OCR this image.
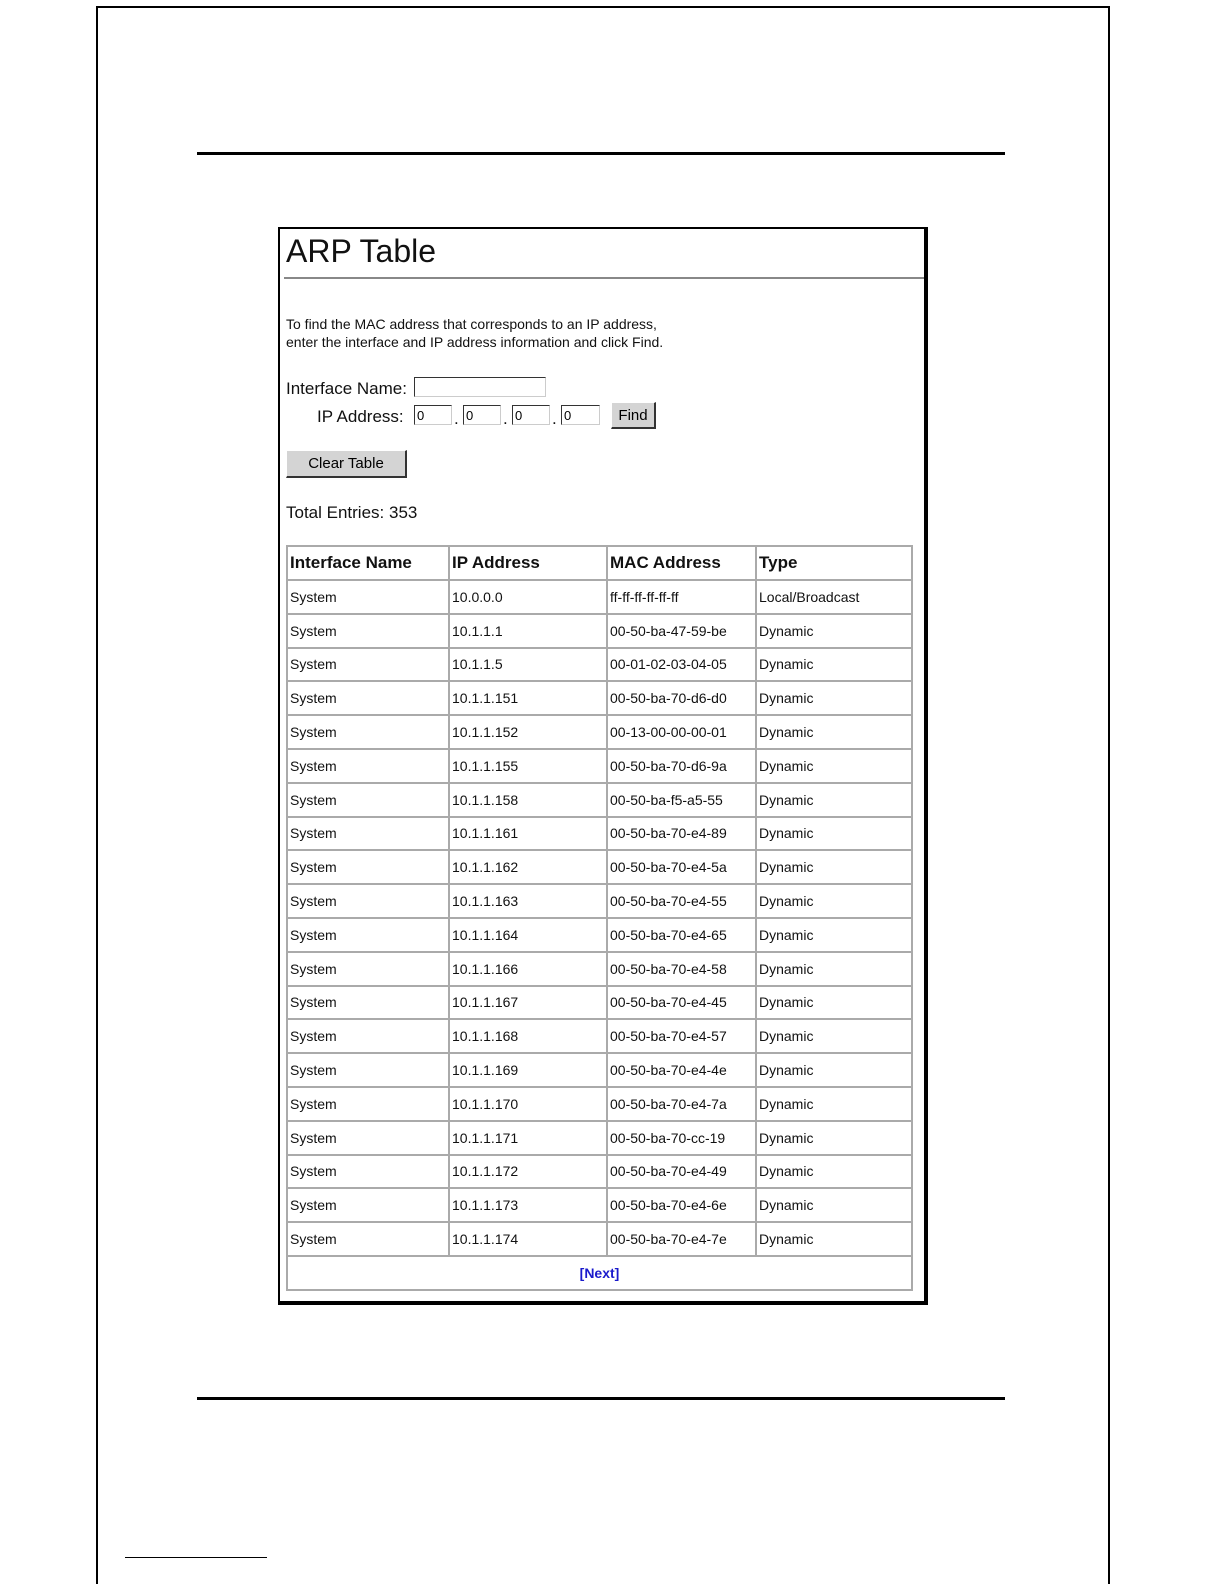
ARP Table
To find the MAC address that corresponds to an IP address,
enter the interface and IP address information and click Find.
Interface Name:
IP Address:
0	.
0	.
0	.
0	Find
Clear Table
Total Entries: 353
Interface Name	IP Address	MAC Address	Type
System	10.0.0.0	ff-ff-ff-ff-ff-ff	Local/Broadcast
System	10.1.1.1	00-50-ba-47-59-be	Dynamic
System	10.1.1.5	00-01-02-03-04-05	Dynamic
System	10.1.1.151	00-50-ba-70-d6-d0	Dynamic
System	10.1.1.152	00-13-00-00-00-01	Dynamic
System	10.1.1.155	00-50-ba-70-d6-9a	Dynamic
System	10.1.1.158	00-50-ba-f5-a5-55	Dynamic
System	10.1.1.161	00-50-ba-70-e4-89	Dynamic
System	10.1.1.162	00-50-ba-70-e4-5a	Dynamic
System	10.1.1.163	00-50-ba-70-e4-55	Dynamic
System	10.1.1.164	00-50-ba-70-e4-65	Dynamic
System	10.1.1.166	00-50-ba-70-e4-58	Dynamic
System	10.1.1.167	00-50-ba-70-e4-45	Dynamic
System	10.1.1.168	00-50-ba-70-e4-57	Dynamic
System	10.1.1.169	00-50-ba-70-e4-4e	Dynamic
System	10.1.1.170	00-50-ba-70-e4-7a	Dynamic
System	10.1.1.171	00-50-ba-70-cc-19	Dynamic
System	10.1.1.172	00-50-ba-70-e4-49	Dynamic
System	10.1.1.173	00-50-ba-70-e4-6e	Dynamic
System	10.1.1.174	00-50-ba-70-e4-7e	Dynamic
[Next]			
